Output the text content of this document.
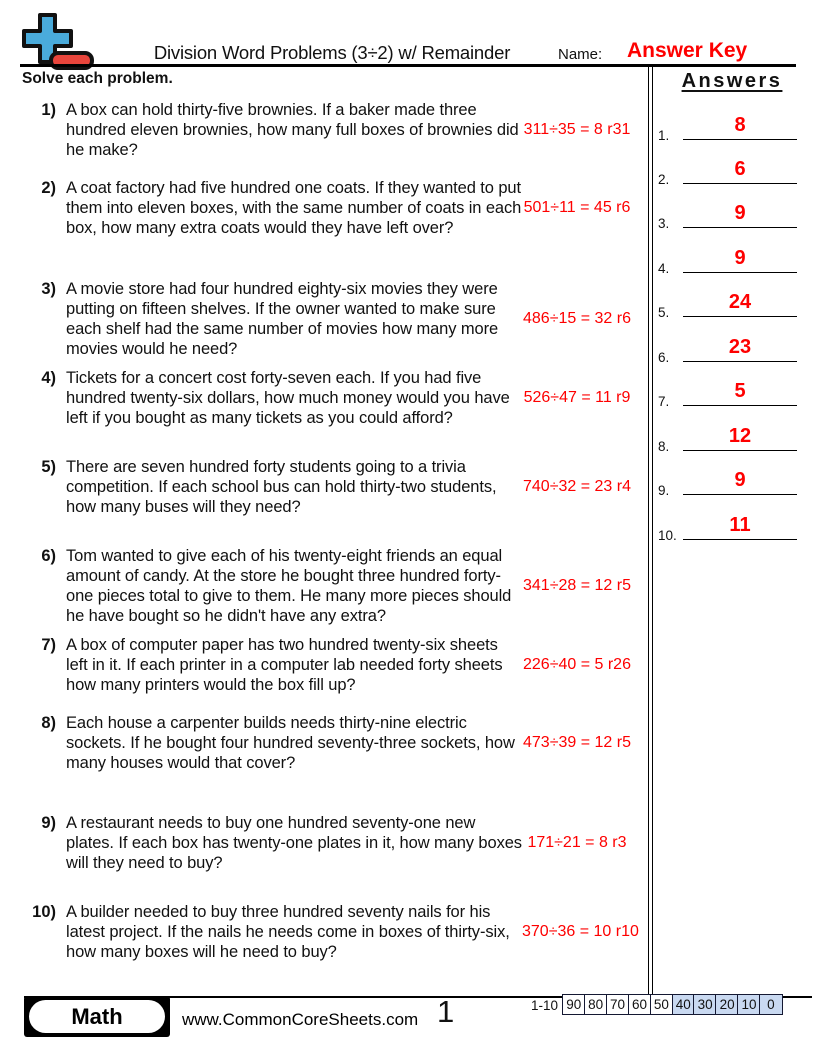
Division Word Problems (3÷2) w/ Remainder	Name: Answer Key
Solve each problem.
1) A box can hold thirty-five brownies. If a baker made three hundred eleven brownies, how many full boxes of brownies did he make?
311÷35 = 8 r31
2) A coat factory had five hundred one coats. If they wanted to put them into eleven boxes, with the same number of coats in each box, how many extra coats would they have left over?
501÷11 = 45 r6
3) A movie store had four hundred eighty-six movies they were putting on fifteen shelves. If the owner wanted to make sure each shelf had the same number of movies how many more movies would he need?
486÷15 = 32 r6
4) Tickets for a concert cost forty-seven each. If you had five hundred twenty-six dollars, how much money would you have left if you bought as many tickets as you could afford?
526÷47 = 11 r9
5) There are seven hundred forty students going to a trivia competition. If each school bus can hold thirty-two students, how many buses will they need?
740÷32 = 23 r4
6) Tom wanted to give each of his twenty-eight friends an equal amount of candy. At the store he bought three hundred forty-one pieces total to give to them. He many more pieces should he have bought so he didn't have any extra?
341÷28 = 12 r5
7) A box of computer paper has two hundred twenty-six sheets left in it. If each printer in a computer lab needed forty sheets how many printers would the box fill up?
226÷40 = 5 r26
8) Each house a carpenter builds needs thirty-nine electric sockets. If he bought four hundred seventy-three sockets, how many houses would that cover?
473÷39 = 12 r5
9) A restaurant needs to buy one hundred seventy-one new plates. If each box has twenty-one plates in it, how many boxes will they need to buy?
171÷21 = 8 r3
10) A builder needed to buy three hundred seventy nails for his latest project. If the nails he needs come in boxes of thirty-six, how many boxes will he need to buy?
370÷36 = 10 r10
Answers
1.	8
2.	6
3.	9
4.	9
5.	24
6.	23
7.	5
8.	12
9.	9
10.	11
Math	www.CommonCoreSheets.com 1	1-10 90 80 70 60 50 40 30 20 10 0
